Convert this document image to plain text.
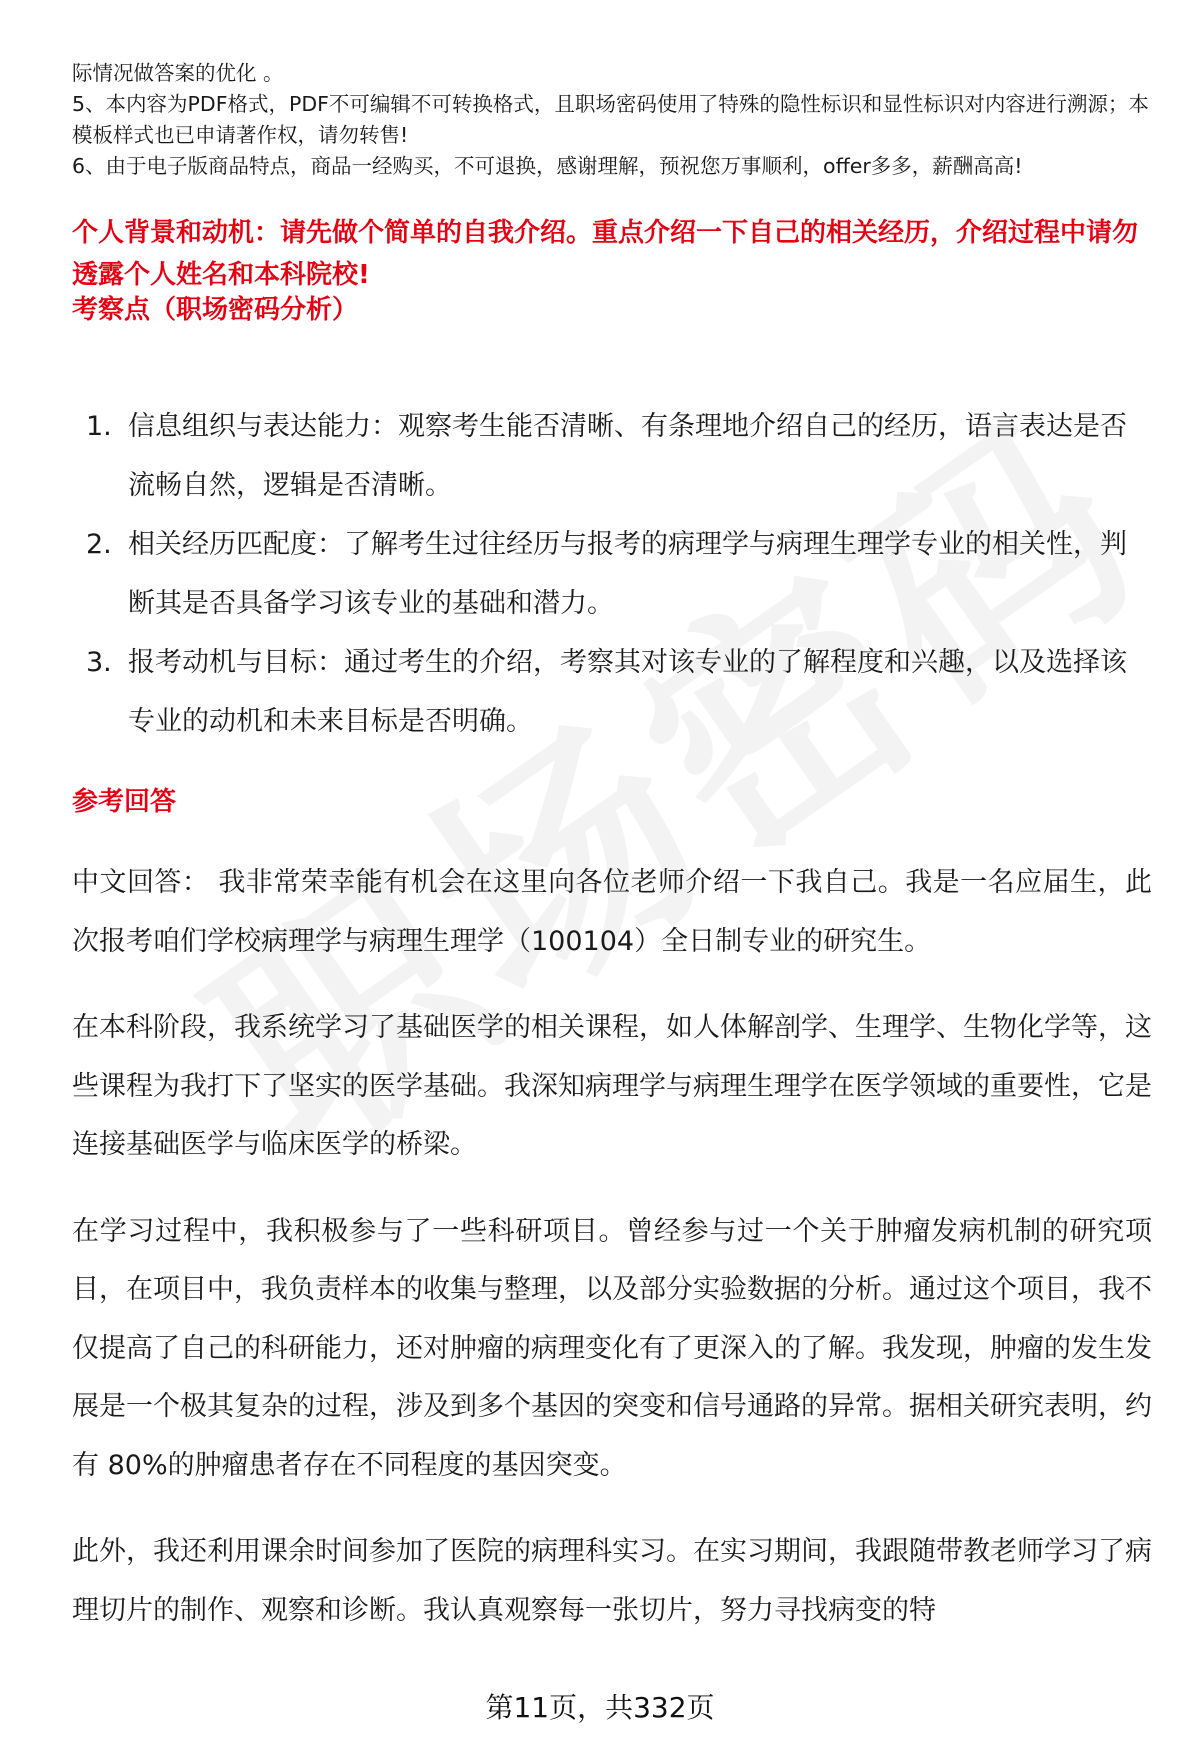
际情况做答案的优化 。

5、本内容为PDF格式，PDF不可编辑不可转换格式，且职场密码使用了特殊的隐性标识和显性标识对内容进行溯源；本模板样式也已申请著作权，请勿转售!

6、由于电子版商品特点，商品一经购买，不可退换，感谢理解，预祝您万事顺利，offer多多，薪酬高高!

个人背景和动机：请先做个简单的自我介绍。重点介绍一下自己的相关经历，介绍过程中请勿透露个人姓名和本科院校!

考察点（职场密码分析）
1. 信息组织与表达能力：观察考生能否清晰、有条理地介绍自己的经历，语言表达是否流畅自然，逻辑是否清晰。
2. 相关经历匹配度：了解考生过往经历与报考的病理学与病理生理学专业的相关性，判断其是否具备学习该专业的基础和潜力。
3. 报考动机与目标：通过考生的介绍，考察其对该专业的了解程度和兴趣，以及选择该专业的动机和未来目标是否明确。
参考回答

中文回答： 我非常荣幸能有机会在这里向各位老师介绍一下我自己。我是一名应届生，此次报考咱们学校病理学与病理生理学（100104）全日制专业的研究生。

在本科阶段，我系统学习了基础医学的相关课程，如人体解剖学、生理学、生物化学等，这些课程为我打下了坚实的医学基础。我深知病理学与病理生理学在医学领域的重要性，它是连接基础医学与临床医学的桥梁。

在学习过程中，我积极参与了一些科研项目。曾经参与过一个关于肿瘤发病机制的研究项目，在项目中，我负责样本的收集与整理，以及部分实验数据的分析。通过这个项目，我不仅提高了自己的科研能力，还对肿瘤的病理变化有了更深入的了解。我发现，肿瘤的发生发展是一个极其复杂的过程，涉及到多个基因的突变和信号通路的异常。据相关研究表明，约有 80%的肿瘤患者存在不同程度的基因突变。

此外，我还利用课余时间参加了医院的病理科实习。在实习期间，我跟随带教老师学习了病理切片的制作、观察和诊断。我认真观察每一张切片，努力寻找病变的特

第11页，共332页
